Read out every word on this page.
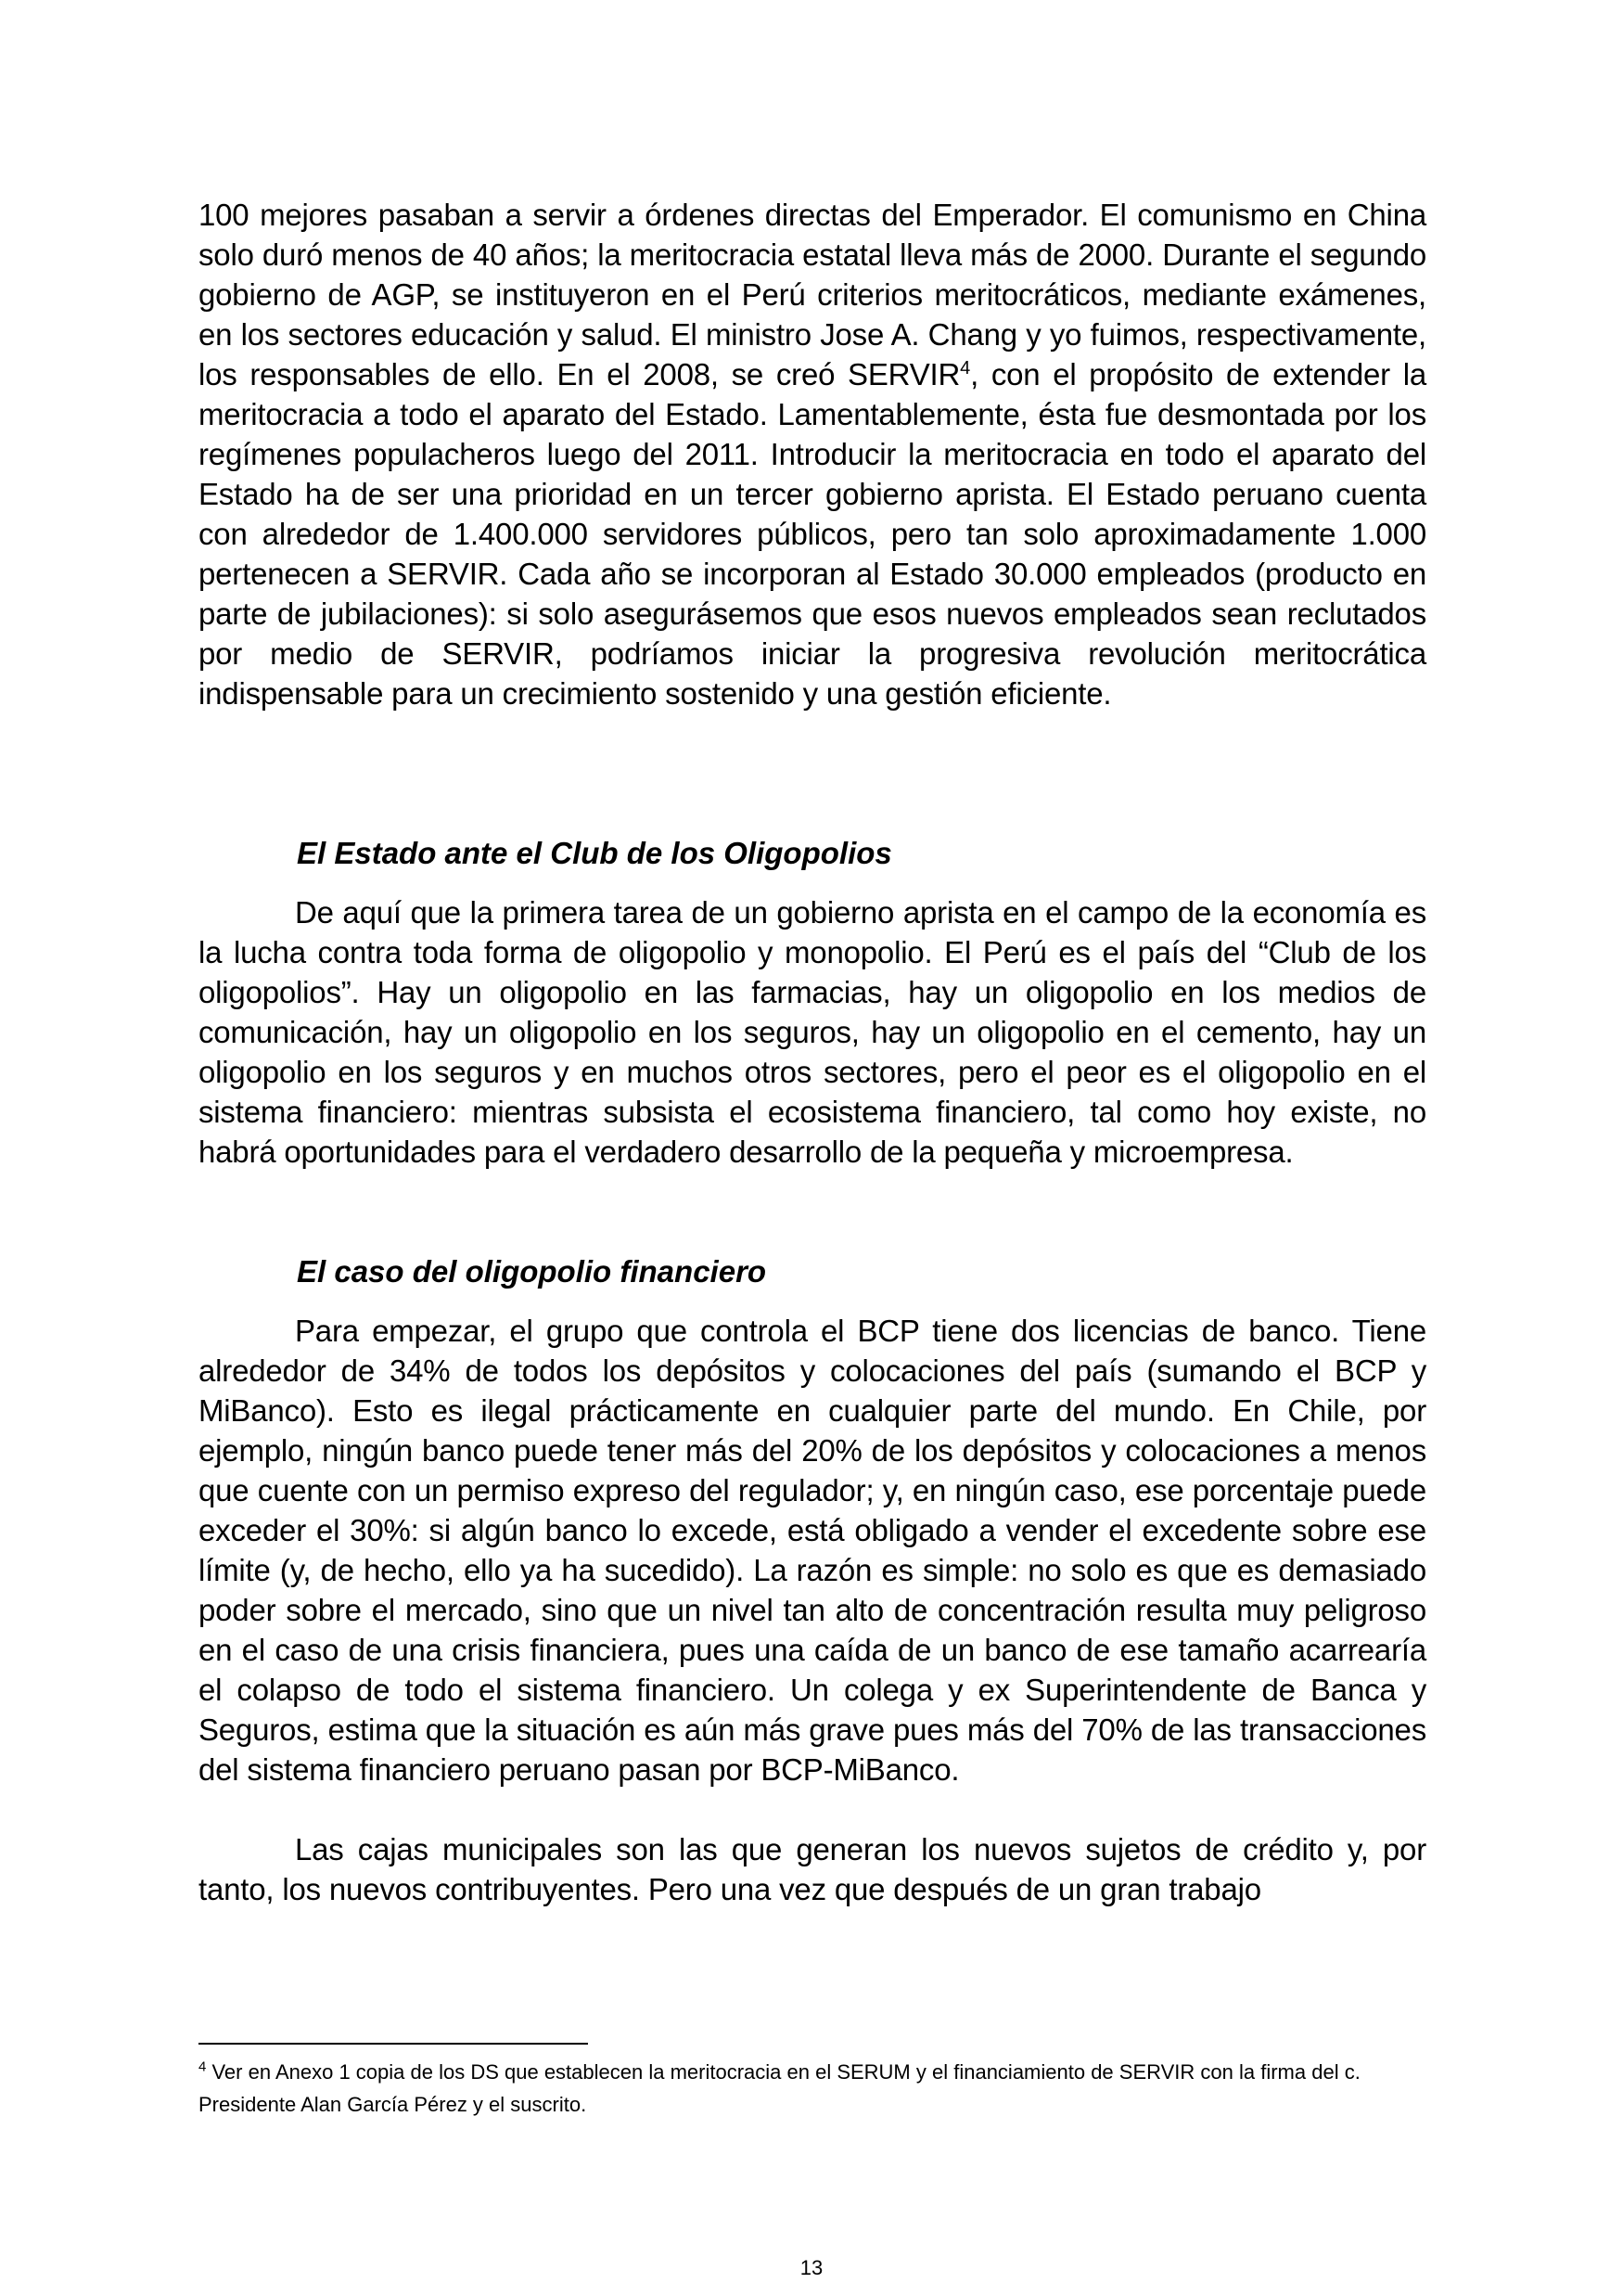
100 mejores pasaban a servir a órdenes directas del Emperador. El comunismo en China solo duró menos de 40 años; la meritocracia estatal lleva más de 2000. Durante el segundo gobierno de AGP, se instituyeron en el Perú criterios meritocráticos, mediante exámenes, en los sectores educación y salud. El ministro Jose A. Chang y yo fuimos, respectivamente, los responsables de ello. En el 2008, se creó SERVIR$^4$, con el propósito de extender la meritocracia a todo el aparato del Estado. Lamentablemente, ésta fue desmontada por los regímenes populacheros luego del 2011. Introducir la meritocracia en todo el aparato del Estado ha de ser una prioridad en un tercer gobierno aprista. El Estado peruano cuenta con alrededor de 1.400.000 servidores públicos, pero tan solo aproximadamente 1.000 pertenecen a SERVIR. Cada año se incorporan al Estado 30.000 empleados (producto en parte de jubilaciones): si solo asegurásemos que esos nuevos empleados sean reclutados por medio de SERVIR, podríamos iniciar la progresiva revolución meritocrática indispensable para un crecimiento sostenido y una gestión eficiente.

El Estado ante el Club de los Oligopolios

De aquí que la primera tarea de un gobierno aprista en el campo de la economía es la lucha contra toda forma de oligopolio y monopolio. El Perú es el país del “Club de los oligopolios”. Hay un oligopolio en las farmacias, hay un oligopolio en los medios de comunicación, hay un oligopolio en los seguros, hay un oligopolio en el cemento, hay un oligopolio en los seguros y en muchos otros sectores, pero el peor es el oligopolio en el sistema financiero: mientras subsista el ecosistema financiero, tal como hoy existe, no habrá oportunidades para el verdadero desarrollo de la pequeña y microempresa.

El caso del oligopolio financiero

Para empezar, el grupo que controla el BCP tiene dos licencias de banco. Tiene alrededor de 34% de todos los depósitos y colocaciones del país (sumando el BCP y MiBanco). Esto es ilegal prácticamente en cualquier parte del mundo. En Chile, por ejemplo, ningún banco puede tener más del 20% de los depósitos y colocaciones a menos que cuente con un permiso expreso del regulador; y, en ningún caso, ese porcentaje puede exceder el 30%: si algún banco lo excede, está obligado a vender el excedente sobre ese límite (y, de hecho, ello ya ha sucedido). La razón es simple: no solo es que es demasiado poder sobre el mercado, sino que un nivel tan alto de concentración resulta muy peligroso en el caso de una crisis financiera, pues una caída de un banco de ese tamaño acarrearía el colapso de todo el sistema financiero. Un colega y ex Superintendente de Banca y Seguros, estima que la situación es aún más grave pues más del 70% de las transacciones del sistema financiero peruano pasan por BCP-MiBanco.

Las cajas municipales son las que generan los nuevos sujetos de crédito y, por tanto, los nuevos contribuyentes. Pero una vez que después de un gran trabajo

$^4$ Ver en Anexo 1 copia de los DS que establecen la meritocracia en el SERUM y el financiamiento de SERVIR con la firma del c. Presidente Alan García Pérez y el suscrito.
13
